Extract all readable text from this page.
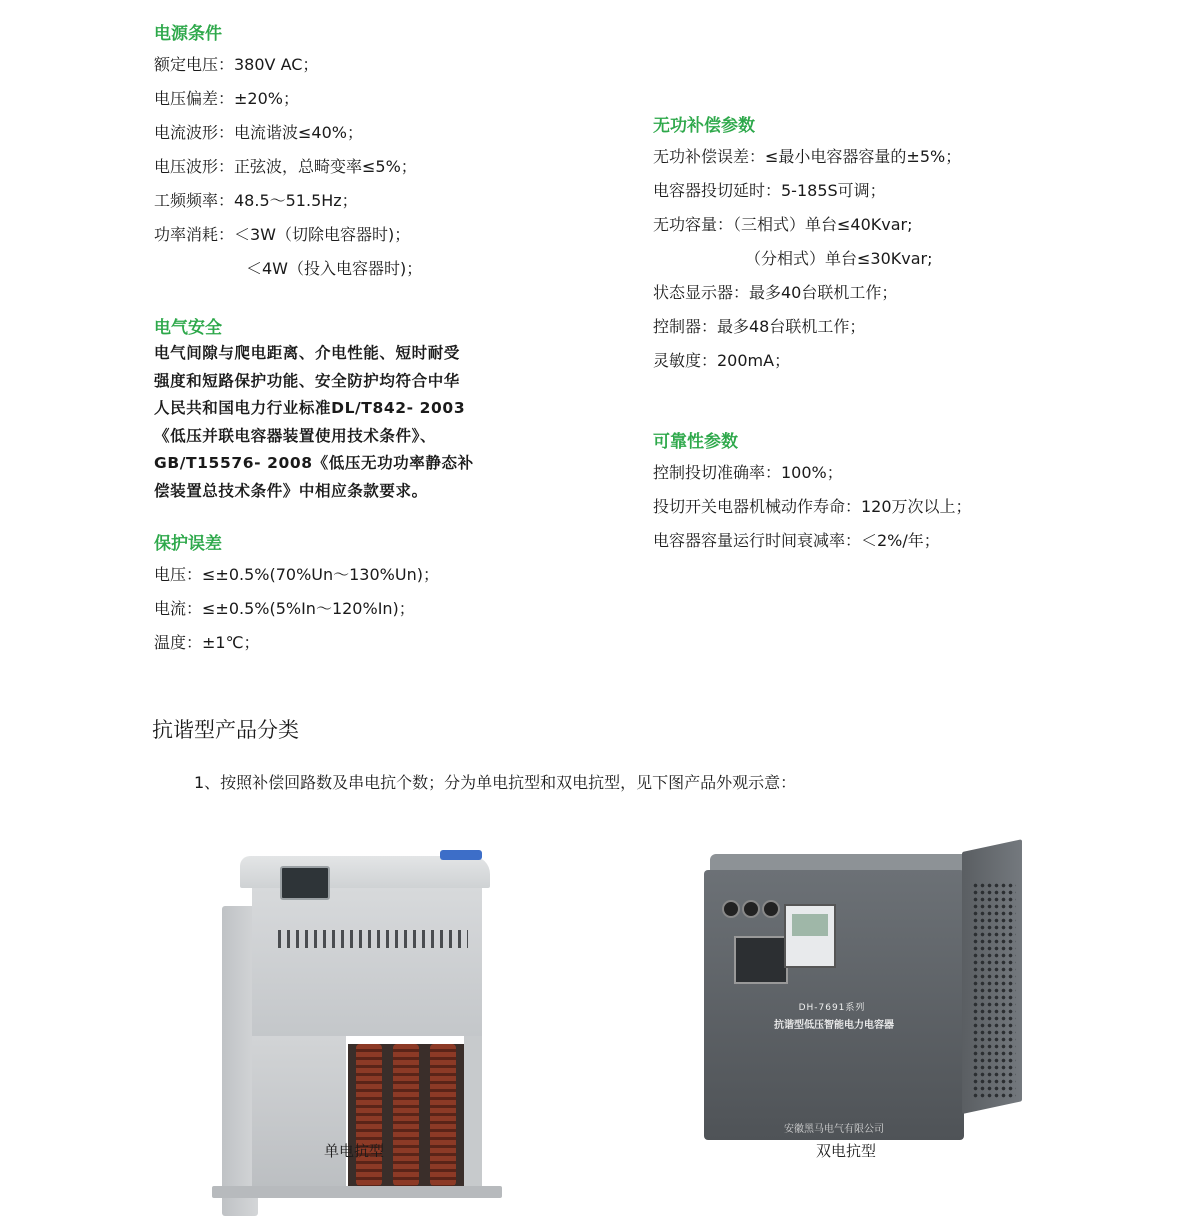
电源条件

额定电压：380V AC；

电压偏差：±20%；

电流波形：电流谐波≤40%；

电压波形：正弦波，总畸变率≤5%；

工频频率：48.5～51.5Hz；

功率消耗：＜3W（切除电容器时)；

＜4W（投入电容器时)；

电气安全

电气间隙与爬电距离、介电性能、短时耐受

强度和短路保护功能、安全防护均符合中华

人民共和国电力行业标准DL/T842- 2003

《低压并联电容器装置使用技术条件》、

GB/T15576- 2008《低压无功功率静态补

偿装置总技术条件》中相应条款要求。

保护误差

电压：≤±0.5%(70%Un～130%Un)；

电流：≤±0.5%(5%In～120%In)；

温度：±1℃；

无功补偿参数

无功补偿误差：≤最小电容器容量的±5%；

电容器投切延时：5-185S可调；

无功容量：（三相式）单台≤40Kvar;

（分相式）单台≤30Kvar;

状态显示器：最多40台联机工作；

控制器：最多48台联机工作；

灵敏度：200mA；

可靠性参数

控制投切准确率：100%；

投切开关电器机械动作寿命：120万次以上；

电容器容量运行时间衰减率：＜2%/年；

抗谐型产品分类
1、按照补偿回路数及串电抗个数；分为单电抗型和双电抗型，见下图产品外观示意：
单电抗型
DH-7691系列
抗谐型低压智能电力电容器
安徽黑马电气有限公司
双电抗型
